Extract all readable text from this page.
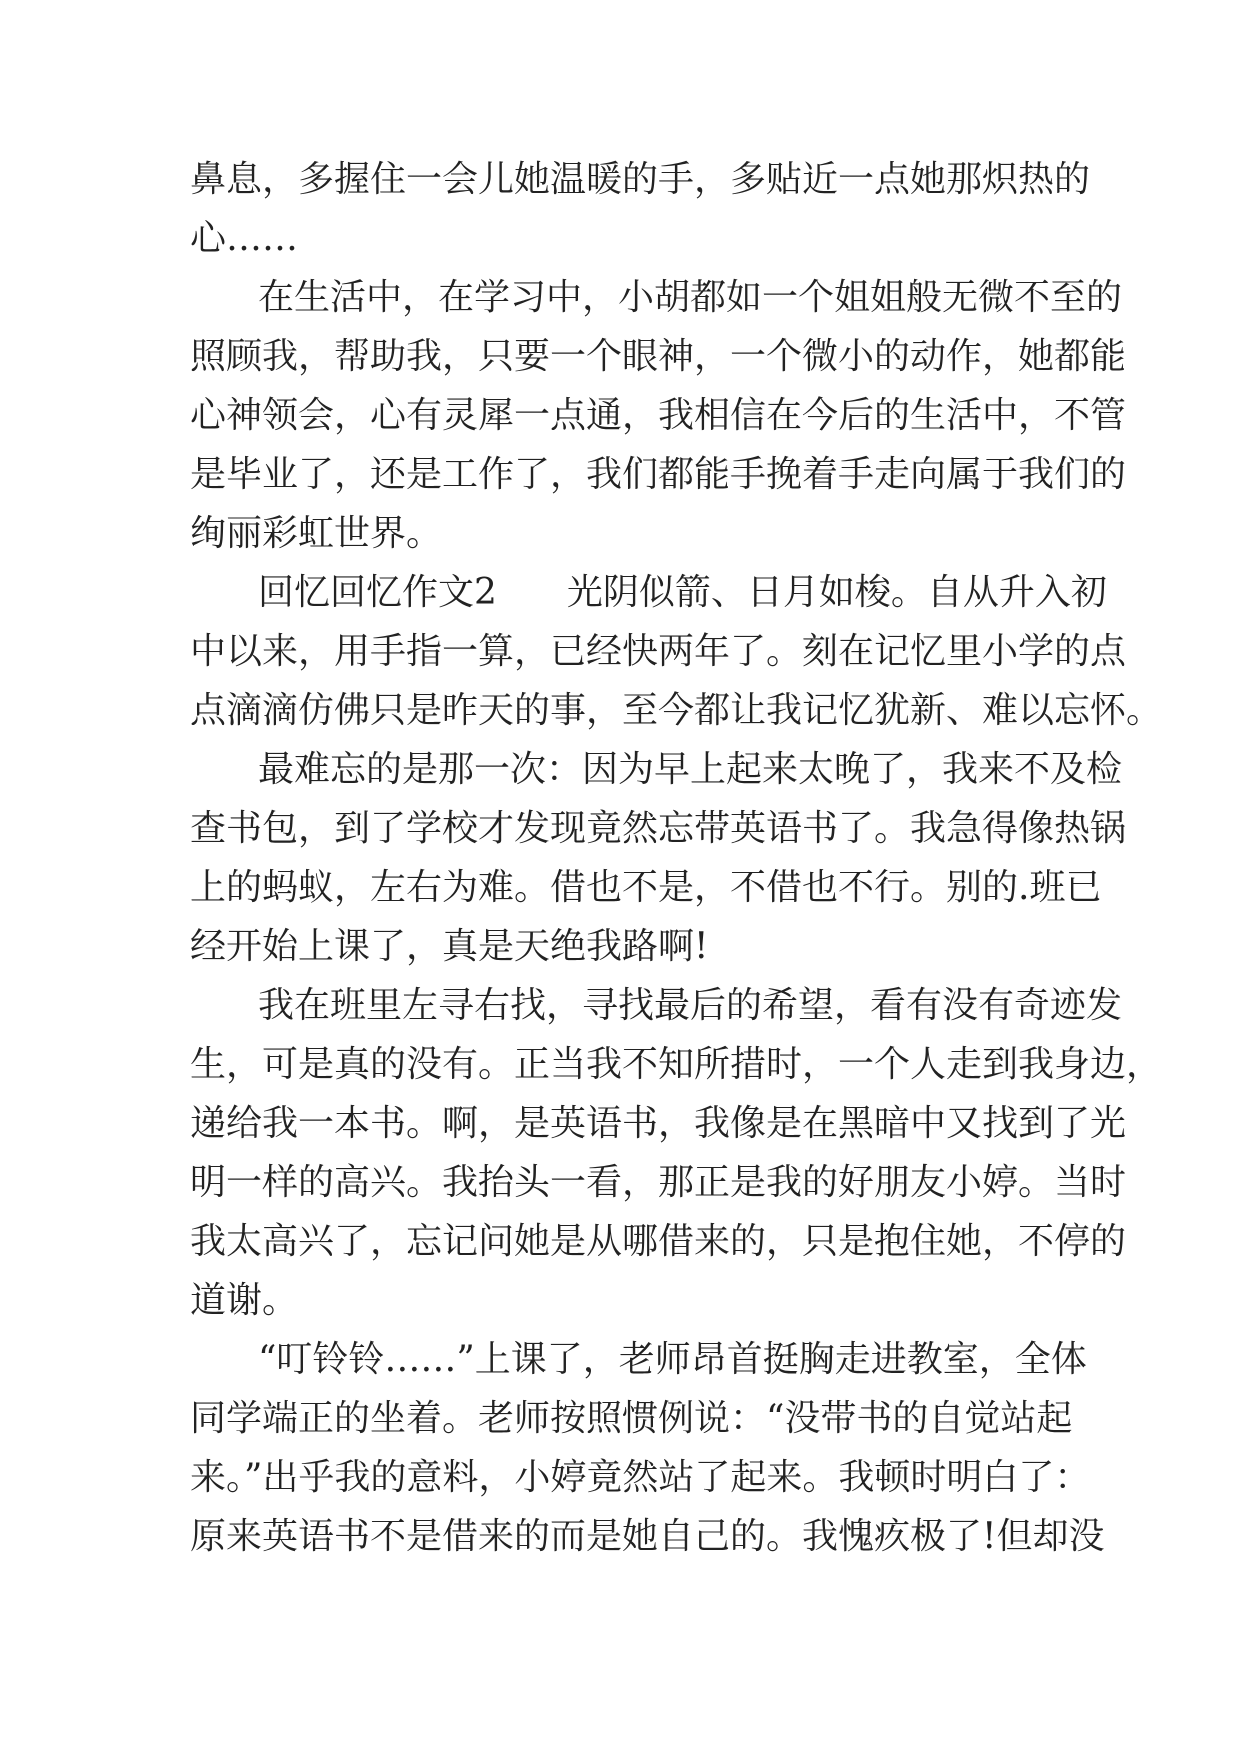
鼻息，多握住一会儿她温暖的手，多贴近一点她那炽热的
心……
在生活中，在学习中，小胡都如一个姐姐般无微不至的
照顾我，帮助我，只要一个眼神，一个微小的动作，她都能
心神领会，心有灵犀一点通，我相信在今后的生活中，不管
是毕业了，还是工作了，我们都能手挽着手走向属于我们的
绚丽彩虹世界。
回忆回忆作文2 光阴似箭、日月如梭。自从升入初
中以来，用手指一算，已经快两年了。刻在记忆里小学的点
点滴滴仿佛只是昨天的事，至今都让我记忆犹新、难以忘怀。
最难忘的是那一次：因为早上起来太晚了，我来不及检
查书包，到了学校才发现竟然忘带英语书了。我急得像热锅
上的蚂蚁，左右为难。借也不是，不借也不行。别的.班已
经开始上课了，真是天绝我路啊!
我在班里左寻右找，寻找最后的希望，看有没有奇迹发
生，可是真的没有。正当我不知所措时，一个人走到我身边，
递给我一本书。啊，是英语书，我像是在黑暗中又找到了光
明一样的高兴。我抬头一看，那正是我的好朋友小婷。当时
我太高兴了，忘记问她是从哪借来的，只是抱住她，不停的
道谢。
“叮铃铃……”上课了，老师昂首挺胸走进教室，全体
同学端正的坐着。老师按照惯例说：“没带书的自觉站起
来。”出乎我的意料，小婷竟然站了起来。我顿时明白了：
原来英语书不是借来的而是她自己的。我愧疚极了!但却没
